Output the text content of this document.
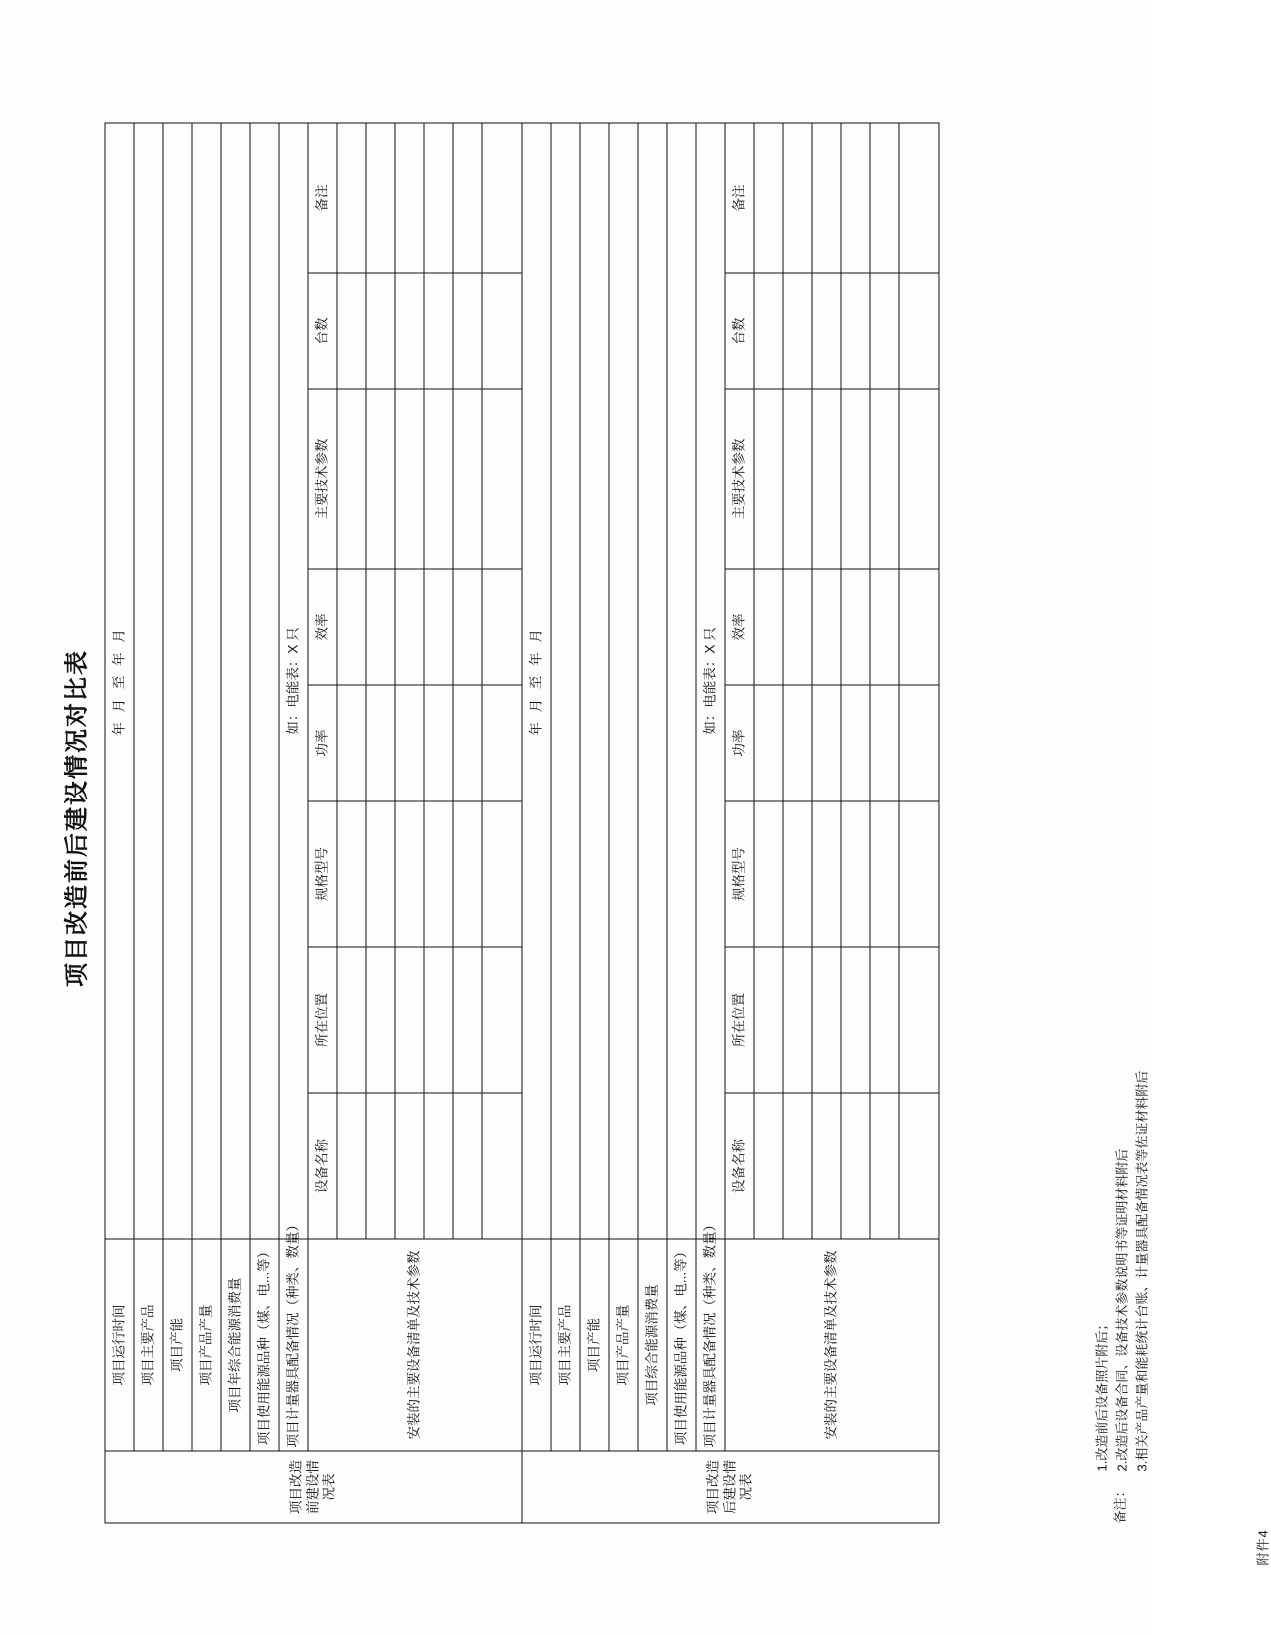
附件4
项目改造前后建设情况对比表
项目改造前建设情况表	项目运行时间	年 月 至 年 月							
	项目主要产品								
	项目产能								
	项目产品产量								
	项目年综合能源消费量								
	项目使用能源品种（煤、电...等）								
	项目计量器具配备情况（种类、数量）	如：电能表：X 只							
	安装的主要设备清单及技术参数	设备名称	所在位置	规格型号	功率	效率	主要技术参数	台数	备注

项目改造后建设情况表	项目运行时间	年 月 至 年 月							
	项目主要产品								
	项目产能								
	项目产品产量								
	项目综合能源消费量								
	项目使用能源品种（煤、电...等）								
	项目计量器具配备情况（种类、数量）	如：电能表：X 只							
	安装的主要设备清单及技术参数	设备名称	所在位置	规格型号	功率	效率	主要技术参数	台数	备注

备注：
1.改造前后设备照片附后； 2.改造后设备合同、设备技术参数说明书等证明材料附后 3.相关产品产量和能耗统计台账、计量器具配备情况表等佐证材料附后
